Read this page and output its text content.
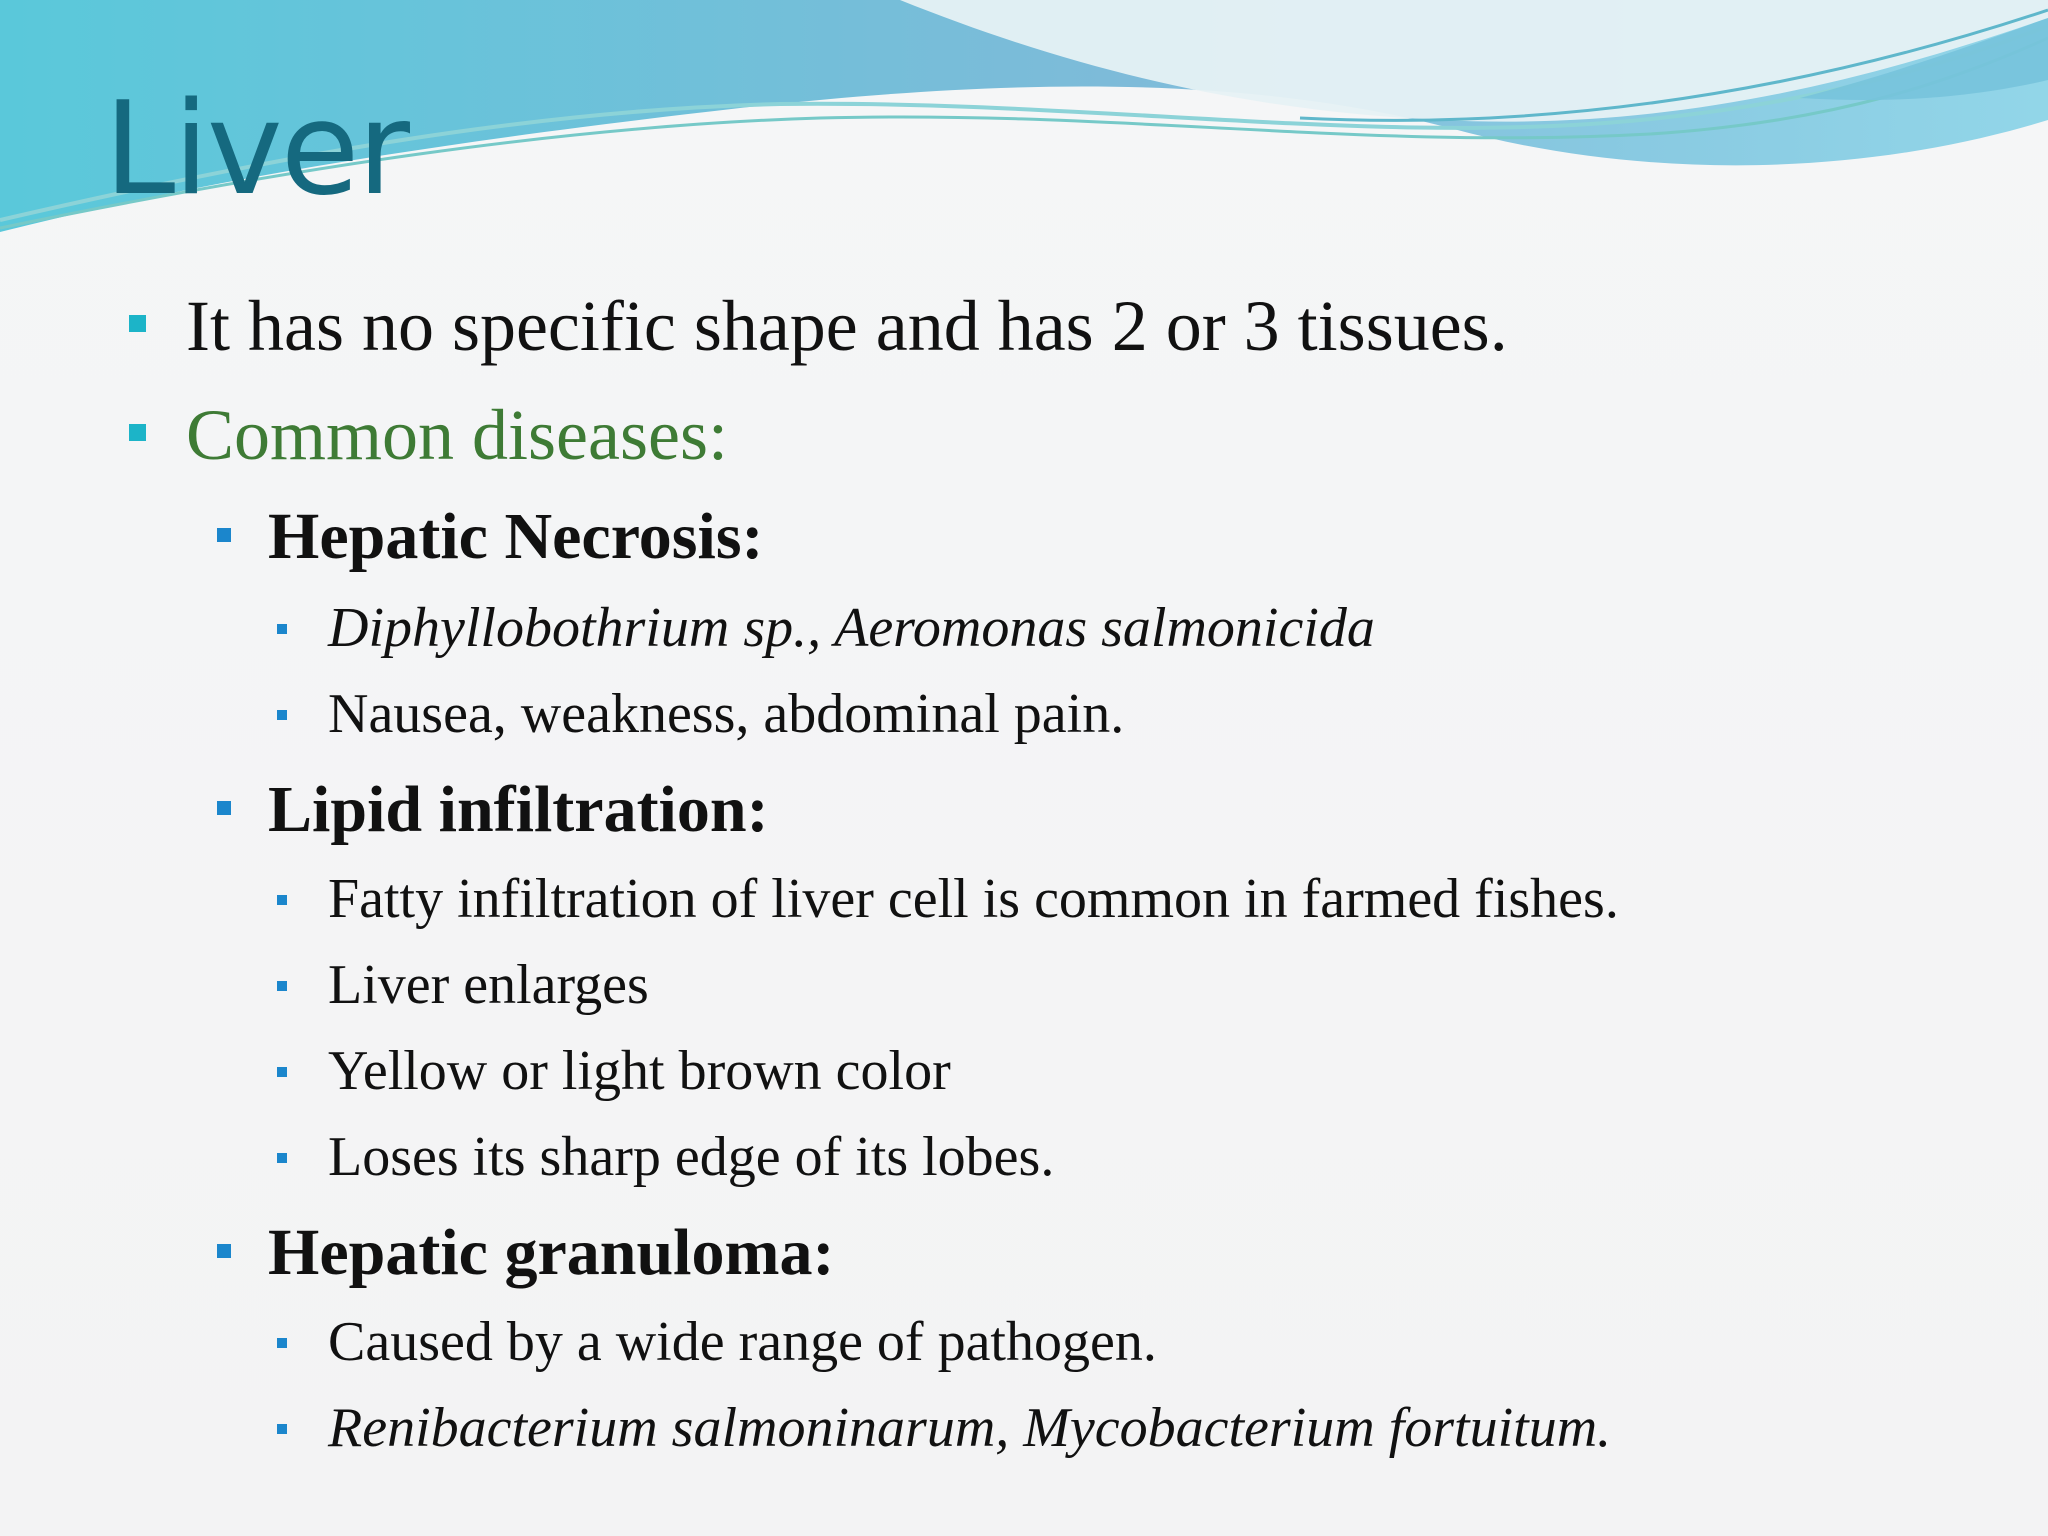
Liver
It has no specific shape and has 2 or 3 tissues.
Common diseases:
Hepatic Necrosis:
Diphyllobothrium sp., Aeromonas salmonicida
Nausea, weakness, abdominal pain.
Lipid infiltration:
Fatty infiltration of liver cell is common in farmed fishes.
Liver enlarges
Yellow or light brown color
Loses its sharp edge of its lobes.
Hepatic granuloma:
Caused by a wide range of pathogen.
Renibacterium salmoninarum, Mycobacterium fortuitum.
